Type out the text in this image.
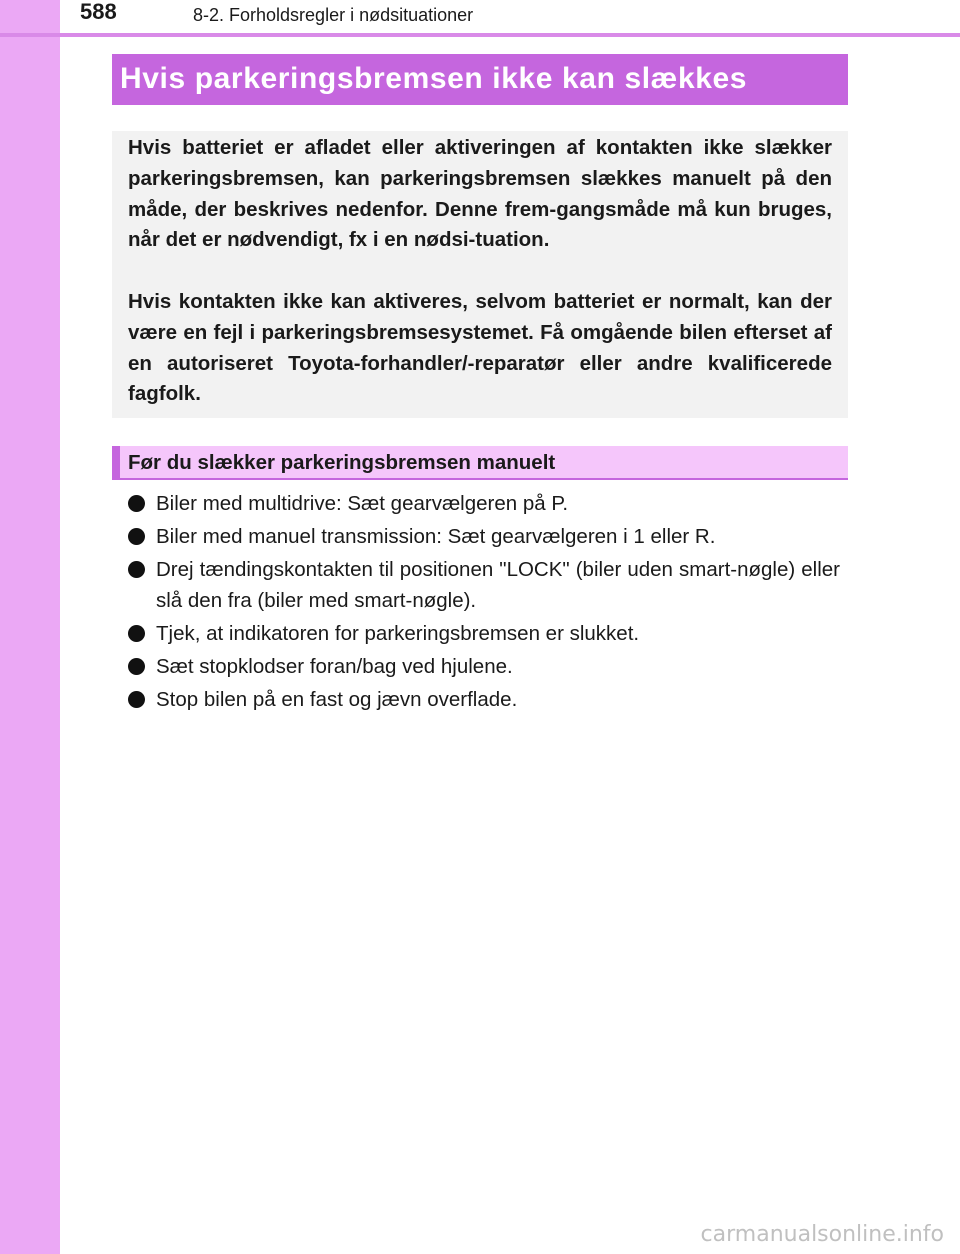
588	8-2. Forholdsregler i nødsituationer
Hvis parkeringsbremsen ikke kan slækkes

Hvis batteriet er afladet eller aktiveringen af kontakten ikke slækker parkeringsbremsen, kan parkeringsbremsen slækkes manuelt på den måde, der beskrives nedenfor. Denne frem-gangsmåde må kun bruges, når det er nødvendigt, fx i en nødsi-tuation.

Hvis kontakten ikke kan aktiveres, selvom batteriet er normalt, kan der være en fejl i parkeringsbremsesystemet. Få omgående bilen efterset af en autoriseret Toyota-forhandler/-reparatør eller andre kvalificerede fagfolk.

Før du slækker parkeringsbremsen manuelt
Biler med multidrive: Sæt gearvælgeren på P.
Biler med manuel transmission: Sæt gearvælgeren i 1 eller R.
Drej tændingskontakten til positionen "LOCK" (biler uden smart-nøgle) eller slå den fra (biler med smart-nøgle).
Tjek, at indikatoren for parkeringsbremsen er slukket.
Sæt stopklodser foran/bag ved hjulene.
Stop bilen på en fast og jævn overflade.
carmanualsonline.info
